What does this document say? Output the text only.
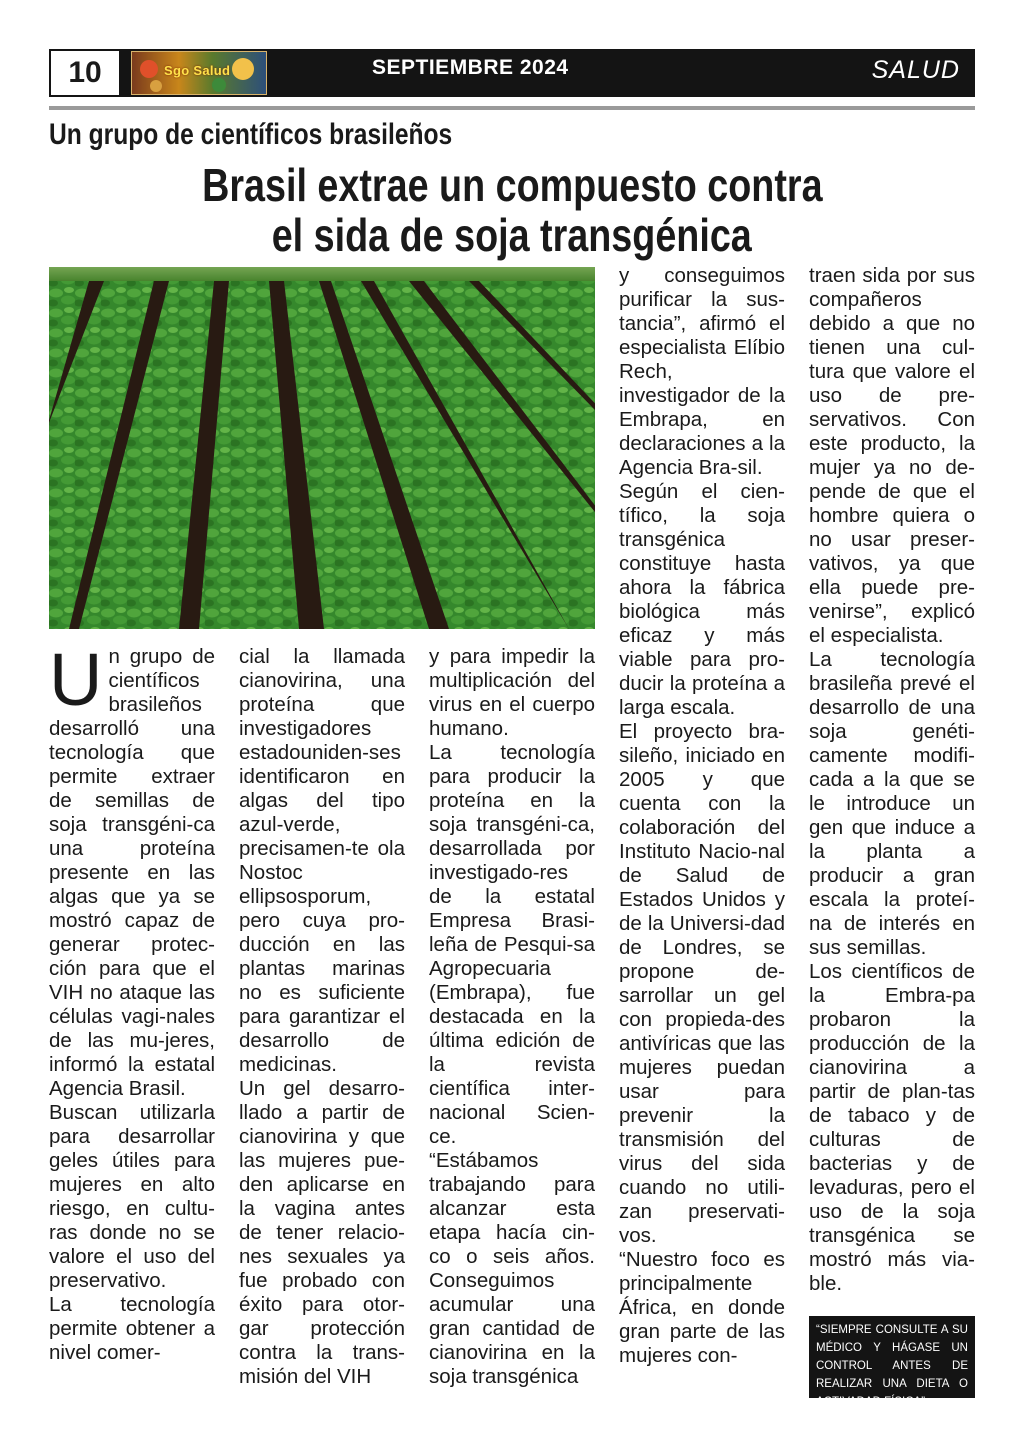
10	Sgo Salud	SEPTIEMBRE 2024	SALUD
Un grupo de científicos brasileños
Brasil extrae un compuesto contra
el sida de soja transgénica
U n grupo de científicos brasileños desarrolló una tecnología que permite extraer de semillas de soja transgéni-ca una proteína presente en las algas que ya se mostró capaz de generar protec-ción para que el VIH no ataque las células vagi-nales de las mu-jeres, informó la estatal Agencia Brasil.

Buscan utilizarla para desarrollar geles útiles para mujeres en alto riesgo, en cultu-ras donde no se valore el uso del preservativo.

La tecnología permite obtener a nivel comer-

cial la llamada cianovirina, una proteína que investigadores estadouniden-ses identificaron en algas del tipo azul-verde, precisamen-te ola Nostoc ellipsosporum, pero cuya pro-ducción en las plantas marinas no es suficiente para garantizar el desarrollo de medicinas.

Un gel desarro-llado a partir de cianovirina y que las mujeres pue-den aplicarse en la vagina antes de tener relacio-nes sexuales ya fue probado con éxito para otor-gar protección contra la trans-misión del VIH

y para impedir la multiplicación del virus en el cuerpo humano.

La tecnología para producir la proteína en la soja transgéni-ca, desarrollada por investigado-res de la estatal Empresa Brasi-leña de Pesqui-sa Agropecuaria (Embrapa), fue destacada en la última edición de la revista científica inter-nacional Scien-ce.

“Estábamos trabajando para alcanzar esta etapa hacía cin-co o seis años. Conseguimos acumular una gran cantidad de cianovirina en la soja transgénica

y conseguimos purificar la sus-tancia”, afirmó el especialista Elíbio Rech, investigador de la Embrapa, en declaraciones a la Agencia Bra-sil.

Según el cien-tífico, la soja transgénica constituye hasta ahora la fábrica biológica más eficaz y más viable para pro-ducir la proteína a larga escala.

El proyecto bra-sileño, iniciado en 2005 y que cuenta con la colaboración del Instituto Nacio-nal de Salud de Estados Unidos y de la Universi-dad de Londres, se propone de-sarrollar un gel con propieda-des antivíricas que las mujeres puedan usar para prevenir la transmisión del virus del sida cuando no utili-zan preservati-vos.

“Nuestro foco es principalmente África, en donde gran parte de las mujeres con-

traen sida por sus compañeros debido a que no tienen una cul-tura que valore el uso de pre-servativos. Con este producto, la mujer ya no de-pende de que el hombre quiera o no usar preser-vativos, ya que ella puede pre-venirse”, explicó el especialista.

La tecnología brasileña prevé el desarrollo de una soja genéti-camente modifi-cada a la que se le introduce un gen que induce a la planta a producir a gran escala la proteí-na de interés en sus semillas.

Los científicos de la Embra-pa probaron la producción de la cianovirina a partir de plan-tas de tabaco y de culturas de bacterias y de levaduras, pero el uso de la soja transgénica se mostró más via-ble.

“SIEMPRE CONSULTE A SU MÉDICO Y HÁGASE UN CONTROL ANTES DE REALIZAR UNA DIETA O ACTIVADAD FÍSICA”
